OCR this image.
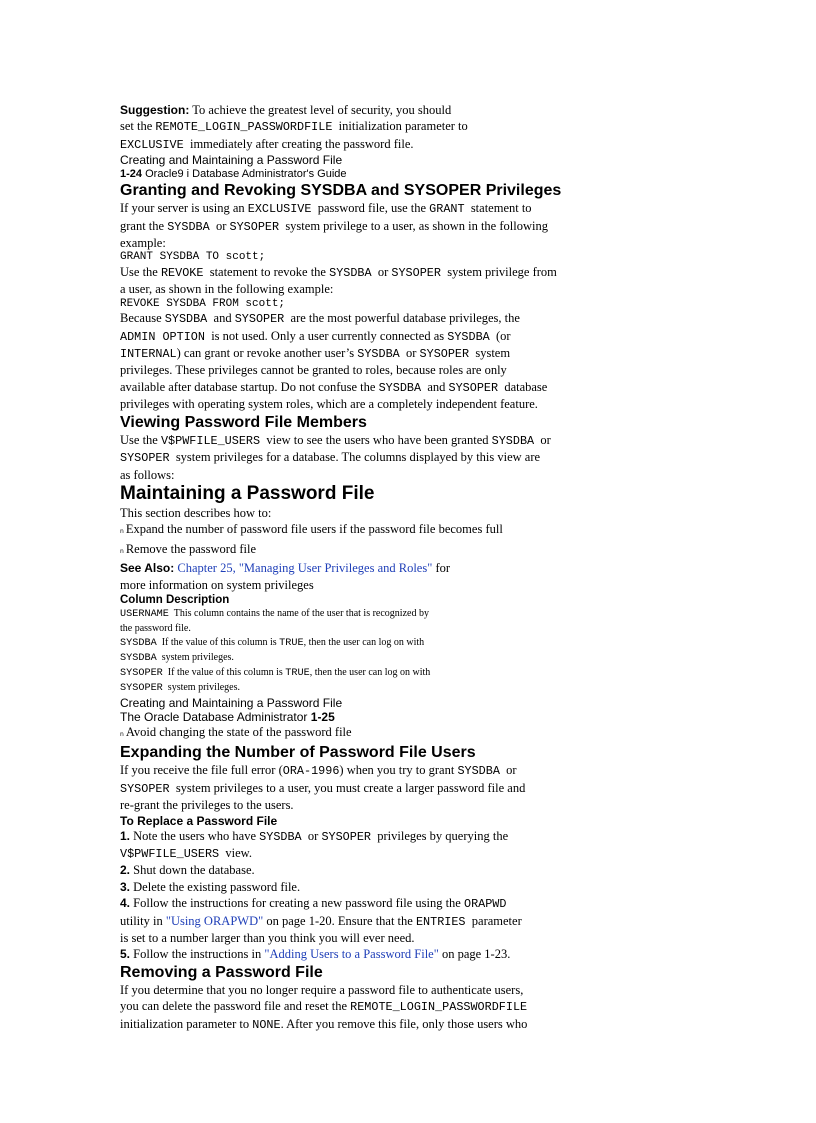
Suggestion: To achieve the greatest level of security, you should

set the REMOTE_LOGIN_PASSWORDFILE initialization parameter to

EXCLUSIVE immediately after creating the password file.

Creating and Maintaining a Password File

1-24 Oracle9 i Database Administrator's Guide

Granting and Revoking SYSDBA and SYSOPER Privileges

If your server is using an EXCLUSIVE password file, use the GRANT statement to
grant the SYSDBA or SYSOPER system privilege to a user, as shown in the following
example:

GRANT SYSDBA TO scott;

Use the REVOKE statement to revoke the SYSDBA or SYSOPER system privilege from
a user, as shown in the following example:

REVOKE SYSDBA FROM scott;

Because SYSDBA and SYSOPER are the most powerful database privileges, the
ADMIN OPTION is not used. Only a user currently connected as SYSDBA (or
INTERNAL) can grant or revoke another user’s SYSDBA or SYSOPER system
privileges. These privileges cannot be granted to roles, because roles are only
available after database startup. Do not confuse the SYSDBA and SYSOPER database
privileges with operating system roles, which are a completely independent feature.

Viewing Password File Members

Use the V$PWFILE_USERS view to see the users who have been granted SYSDBA or
SYSOPER system privileges for a database. The columns displayed by this view are
as follows:

Maintaining a Password File

This section describes how to:

n Expand the number of password file users if the password file becomes full

n Remove the password file

See Also: Chapter 25, "Managing User Privileges and Roles" for
more information on system privileges

Column Description

USERNAME This column contains the name of the user that is recognized by
the password file.

SYSDBA If the value of this column is TRUE, then the user can log on with
SYSDBA system privileges.

SYSOPER If the value of this column is TRUE, then the user can log on with
SYSOPER system privileges.

Creating and Maintaining a Password File

The Oracle Database Administrator 1-25

n Avoid changing the state of the password file

Expanding the Number of Password File Users

If you receive the file full error (ORA-1996) when you try to grant SYSDBA or
SYSOPER system privileges to a user, you must create a larger password file and
re-grant the privileges to the users.

To Replace a Password File

1. Note the users who have SYSDBA or SYSOPER privileges by querying the
V$PWFILE_USERS view.

2. Shut down the database.

3. Delete the existing password file.

4. Follow the instructions for creating a new password file using the ORAPWD
utility in "Using ORAPWD" on page 1-20. Ensure that the ENTRIES parameter
is set to a number larger than you think you will ever need.

5. Follow the instructions in "Adding Users to a Password File" on page 1-23.

Removing a Password File

If you determine that you no longer require a password file to authenticate users,
you can delete the password file and reset the REMOTE_LOGIN_PASSWORDFILE
initialization parameter to NONE. After you remove this file, only those users who
